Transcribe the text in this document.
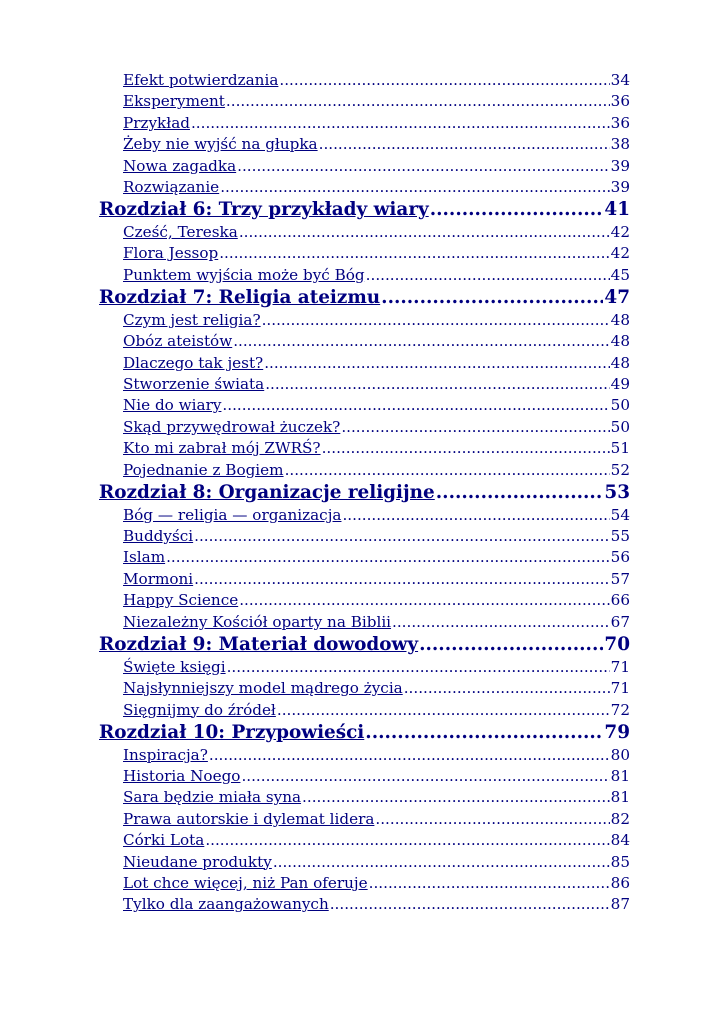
Efekt potwierdzania .....	34
Eksperyment .....	36
Przykład .....	36
Żeby nie wyjść na głupka .....	38
Nowa zagadka .....	39
Rozwiązanie .....	39
Rozdział 6: Trzy przykłady wiary .....	41
Cześć, Tereska .....	42
Flora Jessop .....	42
Punktem wyjścia może być Bóg .....	45
Rozdział 7: Religia ateizmu .....	47
Czym jest religia? .....	48
Obóz ateistów .....	48
Dlaczego tak jest? .....	48
Stworzenie świata .....	49
Nie do wiary .....	50
Skąd przywędrował żuczek? .....	50
Kto mi zabrał mój ZWRŚ? .....	51
Pojednanie z Bogiem .....	52
Rozdział 8: Organizacje religijne .....	53
Bóg — religia — organizacja .....	54
Buddyści .....	55
Islam .....	56
Mormoni .....	57
Happy Science .....	66
Niezależny Kościół oparty na Biblii .....	67
Rozdział 9: Materiał dowodowy .....	70
Święte księgi .....	71
Najsłynniejszy model mądrego życia .....	71
Sięgnijmy do źródeł .....	72
Rozdział 10: Przypowieści .....	79
Inspiracja? .....	80
Historia Noego .....	81
Sara będzie miała syna .....	81
Prawa autorskie i dylemat lidera .....	82
Córki Lota .....	84
Nieudane produkty .....	85
Lot chce więcej, niż Pan oferuje .....	86
Tylko dla zaangażowanych .....	87
